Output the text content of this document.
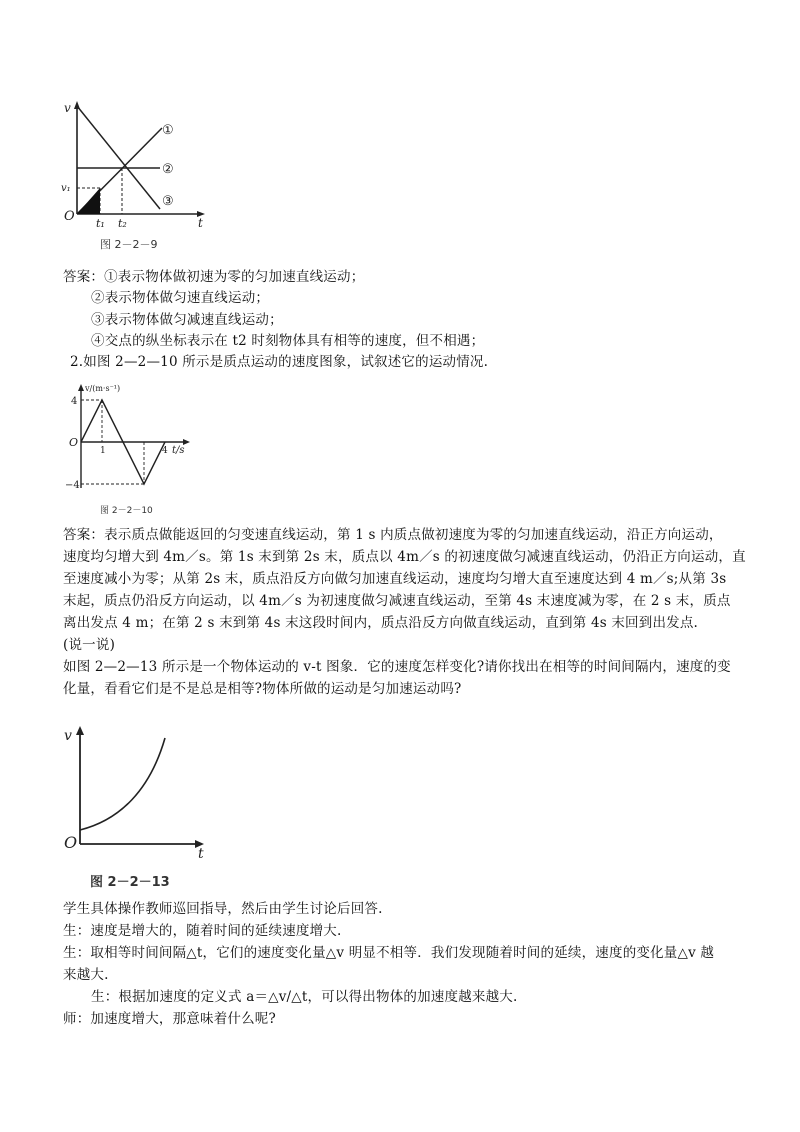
v
O
v₁
t₁ t₂	t
①
②
③
图 2－2－9
答案：①表示物体做初速为零的匀加速直线运动；
②表示物体做匀速直线运动；
③表示物体做匀减速直线运动；
④交点的纵坐标表示在 t2 时刻物体具有相等的速度，但不相遇；
2.如图 2—2—10 所示是质点运动的速度图象，试叙述它的运动情况.
v/(m·s⁻¹)
4
O
−4
1	4 t/s
图 2－2－10
答案：表示质点做能返回的匀变速直线运动，第 1 s 内质点做初速度为零的匀加速直线运动，沿正方向运动，
速度均匀增大到 4m／s。第 1s 末到第 2s 末，质点以 4m／s 的初速度做匀减速直线运动，仍沿正方向运动，直
至速度减小为零；从第 2s 末，质点沿反方向做匀加速直线运动，速度均匀增大直至速度达到 4 m／s;从第 3s
末起，质点仍沿反方向运动，以 4m／s 为初速度做匀减速直线运动，至第 4s 末速度减为零，在 2 s 末，质点
离出发点 4 m；在第 2 s 末到第 4s 末这段时间内，质点沿反方向做直线运动，直到第 4s 末回到出发点.
(说一说)
如图 2—2—13 所示是一个物体运动的 v-t 图象．它的速度怎样变化?请你找出在相等的时间间隔内，速度的变
化量，看看它们是不是总是相等?物体所做的运动是匀加速运动吗?
v
O
t
图 2－2－13
学生具体操作教师巡回指导，然后由学生讨论后回答.
生：速度是增大的，随着时间的延续速度增大.
生：取相等时间间隔△t，它们的速度变化量△v 明显不相等．我们发现随着时间的延续，速度的变化量△v 越
来越大.
生：根据加速度的定义式 a＝△v/△t，可以得出物体的加速度越来越大.
师：加速度增大，那意味着什么呢?
